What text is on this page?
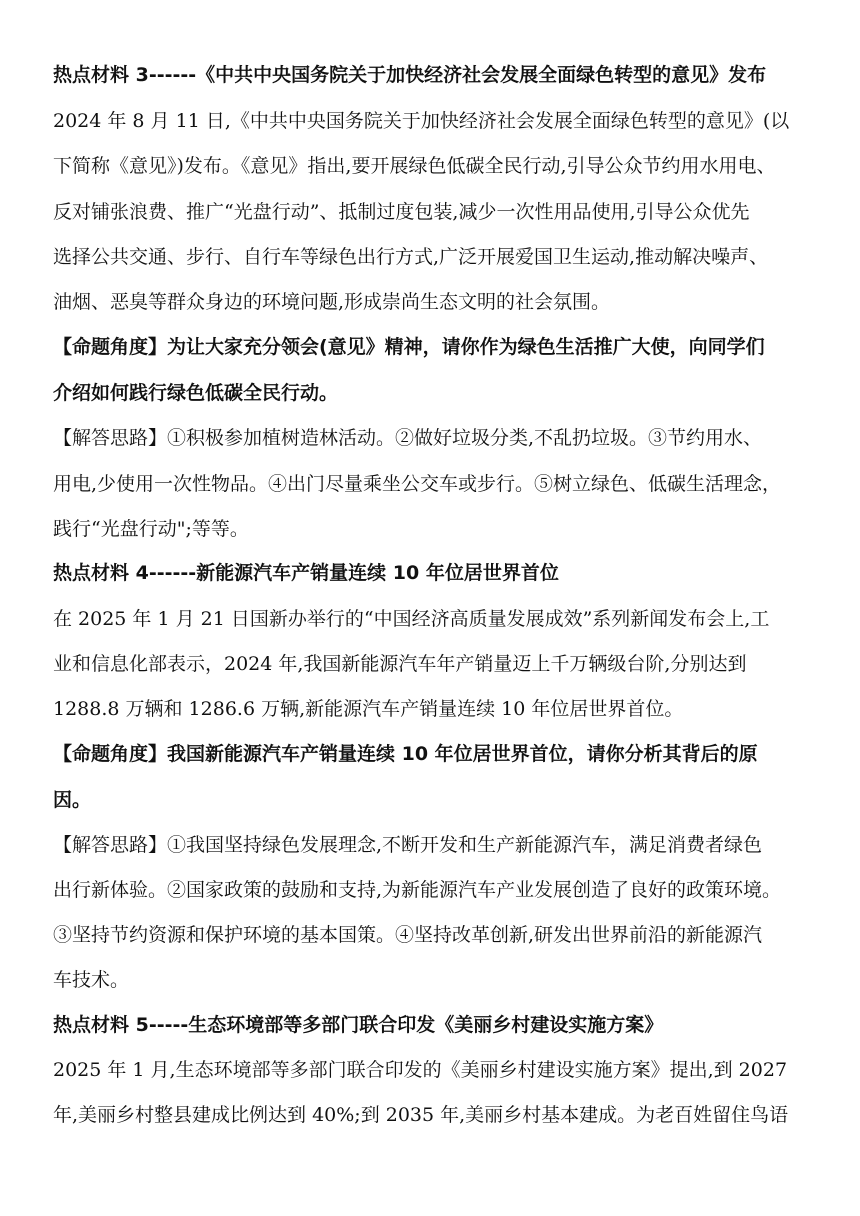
热点材料 3------《中共中央国务院关于加快经济社会发展全面绿色转型的意见》发布
2024 年 8 月 11 日,《中共中央国务院关于加快经济社会发展全面绿色转型的意见》(以
下简称《意见》)发布。《意见》指出,要开展绿色低碳全民行动,引导公众节约用水用电、
反对铺张浪费、推广“光盘行动”、抵制过度包装,减少一次性用品使用,引导公众优先
选择公共交通、步行、自行车等绿色出行方式,广泛开展爱国卫生运动,推动解决噪声、
油烟、恶臭等群众身边的环境问题,形成崇尚生态文明的社会氛围。
【命题角度】为让大家充分领会(意见》精神，请你作为绿色生活推广大使，向同学们
介绍如何践行绿色低碳全民行动。
【解答思路】①积极参加植树造林活动。②做好垃圾分类,不乱扔垃圾。③节约用水、
用电,少使用一次性物品。④出门尽量乘坐公交车或步行。⑤树立绿色、低碳生活理念，
践行“光盘行动";等等。
热点材料 4------新能源汽车产销量连续 10 年位居世界首位
在 2025 年 1 月 21 日国新办举行的“中国经济高质量发展成效”系列新闻发布会上,工
业和信息化部表示，2024 年,我国新能源汽车年产销量迈上千万辆级台阶,分别达到
1288.8 万辆和 1286.6 万辆,新能源汽车产销量连续 10 年位居世界首位。
【命题角度】我国新能源汽车产销量连续 10 年位居世界首位，请你分析其背后的原
因。
【解答思路】①我国坚持绿色发展理念,不断开发和生产新能源汽车，满足消费者绿色
出行新体验。②国家政策的鼓励和支持,为新能源汽车产业发展创造了良好的政策环境。
③坚持节约资源和保护环境的基本国策。④坚持改革创新,研发出世界前沿的新能源汽
车技术。
热点材料 5-----生态环境部等多部门联合印发《美丽乡村建设实施方案》
2025 年 1 月,生态环境部等多部门联合印发的《美丽乡村建设实施方案》提出,到 2027
年,美丽乡村整县建成比例达到 40%;到 2035 年,美丽乡村基本建成。为老百姓留住鸟语
